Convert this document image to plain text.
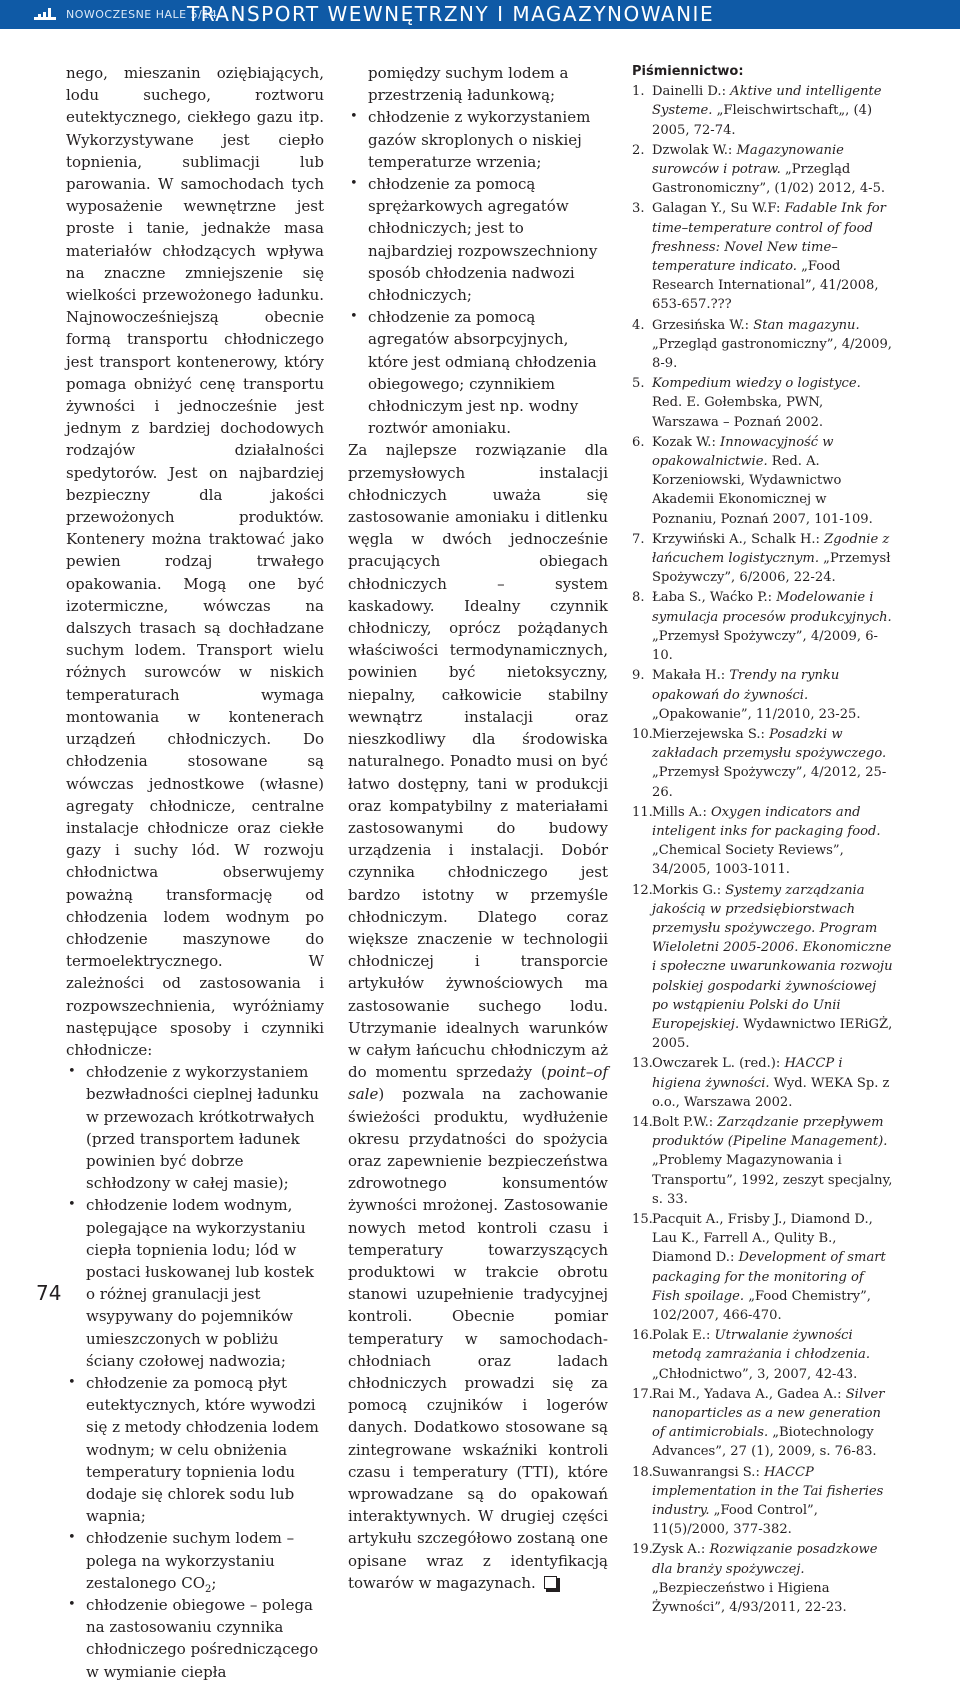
NOWOCZESNE HALE 5/14
TRANSPORT WEWNĘTRZNY I MAGAZYNOWANIE

nego, mieszanin oziębiających, lodu suchego, roztworu eutektycznego, ciekłego gazu itp. Wykorzystywane jest ciepło topnienia, sublimacji lub parowania. W samochodach tych wyposażenie wewnętrzne jest proste i tanie, jednakże masa materiałów chłodzących wpływa na znaczne zmniejszenie się wielkości przewożonego ładunku. Najnowocześniejszą obecnie formą transportu chłodniczego jest transport kontenerowy, który pomaga obniżyć cenę transportu żywności i jednocześnie jest jednym z bardziej dochodowych rodzajów działalności spedytorów. Jest on najbardziej bezpieczny dla jakości przewożonych produktów. Kontenery można traktować jako pewien rodzaj trwałego opakowania. Mogą one być izotermiczne, wówczas na dalszych trasach są dochładzane suchym lodem. Transport wielu różnych surowców w niskich temperaturach wymaga montowania w kontenerach urządzeń chłodniczych. Do chłodzenia stosowane są wówczas jednostkowe (własne) agregaty chłodnicze, centralne instalacje chłodnicze oraz ciekłe gazy i suchy lód. W rozwoju chłodnictwa obserwujemy poważną transformację od chłodzenia lodem wodnym po chłodzenie maszynowe do termoelektrycznego. W zależności od zastosowania i rozpowszechnienia, wyróżniamy następujące sposoby i czynniki chłodnicze:

• chłodzenie z wykorzystaniem bezwładności cieplnej ładunku w przewozach krótkotrwałych (przed transportem ładunek powinien być dobrze schłodzony w całej masie);
• chłodzenie lodem wodnym, polegające na wykorzystaniu ciepła topnienia lodu; lód w postaci łuskowanej lub kostek o różnej granulacji jest wsypywany do pojemników umieszczonych w pobliżu ściany czołowej nadwozia;
• chłodzenie za pomocą płyt eutektycznych, które wywodzi się z metody chłodzenia lodem wodnym; w celu obniżenia temperatury topnienia lodu dodaje się chlorek sodu lub wapnia;
• chłodzenie suchym lodem – polega na wykorzystaniu zestalonego $CO_2$;
• chłodzenie obiegowe – polega na zastosowaniu czynnika chłodniczego pośredniczącego w wymianie ciepła
pomiędzy suchym lodem a przestrzenią ładunkową;
• chłodzenie z wykorzystaniem gazów skroplonych o niskiej temperaturze wrzenia;
• chłodzenie za pomocą sprężarkowych agregatów chłodniczych; jest to najbardziej rozpowszechniony sposób chłodzenia nadwozi chłodniczych;
• chłodzenie za pomocą agregatów absorpcyjnych, które jest odmianą chłodzenia obiegowego; czynnikiem chłodniczym jest np. wodny roztwór amoniaku.

Za najlepsze rozwiązanie dla przemysłowych instalacji chłodniczych uważa się zastosowanie amoniaku i ditlenku węgla w dwóch jednocześnie pracujących obiegach chłodniczych – system kaskadowy. Idealny czynnik chłodniczy, oprócz pożądanych właściwości termodynamicznych, powinien być nietoksyczny, niepalny, całkowicie stabilny wewnątrz instalacji oraz nieszkodliwy dla środowiska naturalnego. Ponadto musi on być łatwo dostępny, tani w produkcji oraz kompatybilny z materiałami zastosowanymi do budowy urządzenia i instalacji. Dobór czynnika chłodniczego jest bardzo istotny w przemyśle chłodniczym. Dlatego coraz większe znaczenie w technologii chłodniczej i transporcie artykułów żywnościowych ma zastosowanie suchego lodu. Utrzymanie idealnych warunków w całym łańcuchu chłodniczym aż do momentu sprzedaży (point–of sale) pozwala na zachowanie świeżości produktu, wydłużenie okresu przydatności do spożycia oraz zapewnienie bezpieczeństwa zdrowotnego konsumentów żywności mrożonej. Zastosowanie nowych metod kontroli czasu i temperatury towarzyszących produktowi w trakcie obrotu stanowi uzupełnienie tradycyjnej kontroli. Obecnie pomiar temperatury w samochodach-chłodniach oraz ladach chłodniczych prowadzi się za pomocą czujników i logerów danych. Dodatkowo stosowane są zintegrowane wskaźniki kontroli czasu i temperatury (TTI), które wprowadzane są do opakowań interaktywnych. W drugiej części artykułu szczegółowo zostaną one opisane wraz z identyfikacją towarów w magazynach.

Piśmiennictwo:
1. Dainelli D.: Aktive und intelligente Systeme. „Fleischwirtschaft„, (4) 2005, 72-74.
2. Dzwolak W.: Magazynowanie surowców i potraw. „Przegląd Gastronomiczny”, (1/02) 2012, 4-5.
3. Galagan Y., Su W.F: Fadable Ink for time–temperature control of food freshness: Novel New time–temperature indicato. „Food Research International”, 41/2008, 653-657.???
4. Grzesińska W.: Stan magazynu. „Przegląd gastronomiczny”, 4/2009, 8-9.
5. Kompedium wiedzy o logistyce. Red. E. Gołembska, PWN, Warszawa – Poznań 2002.
6. Kozak W.: Innowacyjność w opakowalnictwie. Red. A. Korzeniowski, Wydawnictwo Akademii Ekonomicznej w Poznaniu, Poznań 2007, 101-109.
7. Krzywiński A., Schalk H.: Zgodnie z łańcuchem logistycznym. „Przemysł Spożywczy”, 6/2006, 22-24.
8. Łaba S., Waćko P.: Modelowanie i symulacja procesów produkcyjnych. „Przemysł Spożywczy”, 4/2009, 6-10.
9. Makała H.: Trendy na rynku opakowań do żywności. „Opakowanie”, 11/2010, 23-25.
10. Mierzejewska S.: Posadzki w zakładach przemysłu spożywczego. „Przemysł Spożywczy”, 4/2012, 25-26.
11. Mills A.: Oxygen indicators and inteligent inks for packaging food. „Chemical Society Reviews”, 34/2005, 1003-1011.
12. Morkis G.: Systemy zarządzania jakością w przedsiębiorstwach przemysłu spożywczego. Program Wieloletni 2005-2006. Ekonomiczne i społeczne uwarunkowania rozwoju polskiej gospodarki żywnościowej po wstąpieniu Polski do Unii Europejskiej. Wydawnictwo IERiGŻ, 2005.
13. Owczarek L. (red.): HACCP i higiena żywności. Wyd. WEKA Sp. z o.o., Warszawa 2002.
14. Bolt P.W.: Zarządzanie przepływem produktów (Pipeline Management). „Problemy Magazynowania i Transportu”, 1992, zeszyt specjalny, s. 33.
15. Pacquit A., Frisby J., Diamond D., Lau K., Farrell A., Qulity B., Diamond D.: Development of smart packaging for the monitoring of Fish spoilage. „Food Chemistry”, 102/2007, 466-470.
16. Polak E.: Utrwalanie żywności metodą zamrażania i chłodzenia. „Chłodnictwo”, 3, 2007, 42-43.
17. Rai M., Yadava A., Gadea A.: Silver nanoparticles as a new generation of antimicrobials. „Biotechnology Advances”, 27 (1), 2009, s. 76-83.
18. Suwanrangsi S.: HACCP implementation in the Tai fisheries industry. „Food Control”, 11(5)/2000, 377-382.
19. Zysk A.: Rozwiązanie posadzkowe dla branży spożywczej. „Bezpieczeństwo i Higiena Żywności”, 4/93/2011, 22-23.
74
